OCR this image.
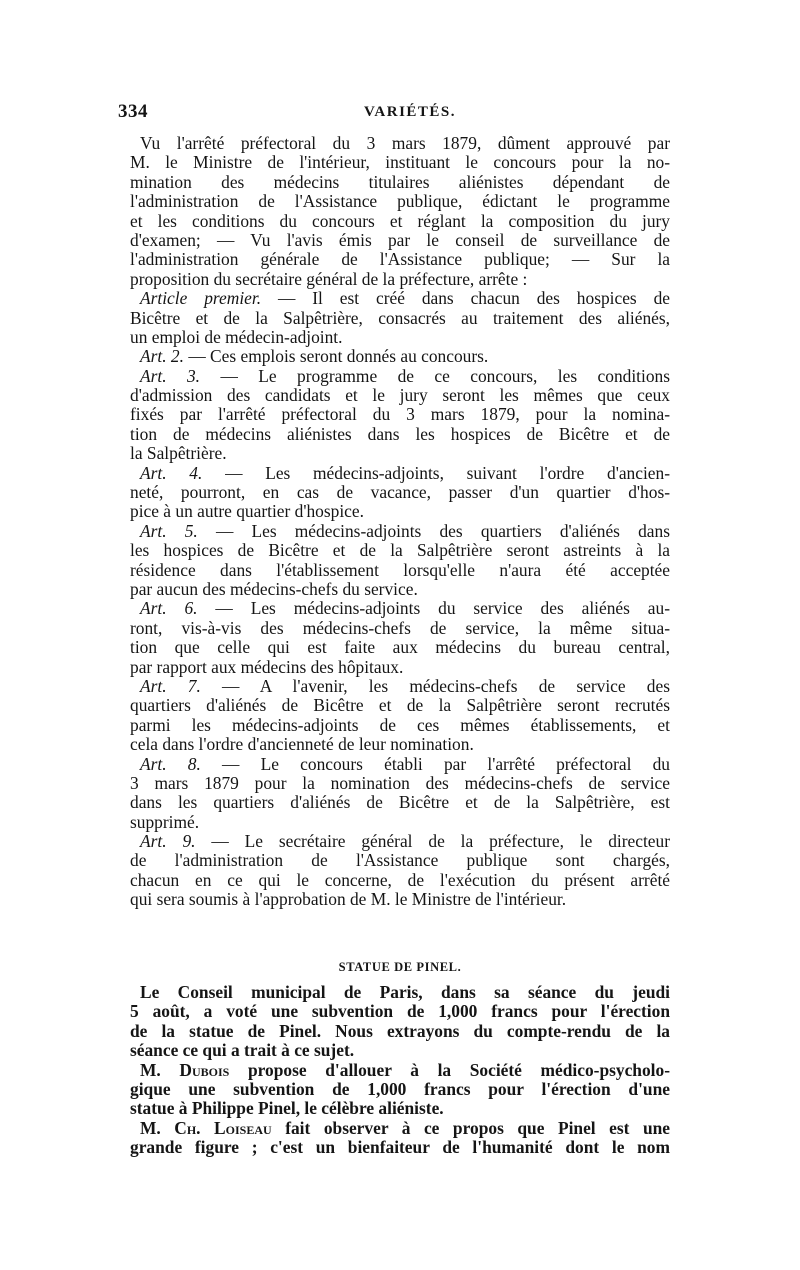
334	VARIÉTÉS.
Vu l'arrêté préfectoral du 3 mars 1879, dûment approuvé par
M. le Ministre de l'intérieur, instituant le concours pour la no-
mination des médecins titulaires aliénistes dépendant de
l'administration de l'Assistance publique, édictant le programme
et les conditions du concours et réglant la composition du jury
d'examen; — Vu l'avis émis par le conseil de surveillance de
l'administration générale de l'Assistance publique; — Sur la
proposition du secrétaire général de la préfecture, arrête :
Article premier. — Il est créé dans chacun des hospices de
Bicêtre et de la Salpêtrière, consacrés au traitement des aliénés,
un emploi de médecin-adjoint.
Art. 2. — Ces emplois seront donnés au concours.
Art. 3. — Le programme de ce concours, les conditions
d'admission des candidats et le jury seront les mêmes que ceux
fixés par l'arrêté préfectoral du 3 mars 1879, pour la nomina-
tion de médecins aliénistes dans les hospices de Bicêtre et de
la Salpêtrière.
Art. 4. — Les médecins-adjoints, suivant l'ordre d'ancien-
neté, pourront, en cas de vacance, passer d'un quartier d'hos-
pice à un autre quartier d'hospice.
Art. 5. — Les médecins-adjoints des quartiers d'aliénés dans
les hospices de Bicêtre et de la Salpêtrière seront astreints à la
résidence dans l'établissement lorsqu'elle n'aura été acceptée
par aucun des médecins-chefs du service.
Art. 6. — Les médecins-adjoints du service des aliénés au-
ront, vis-à-vis des médecins-chefs de service, la même situa-
tion que celle qui est faite aux médecins du bureau central,
par rapport aux médecins des hôpitaux.
Art. 7. — A l'avenir, les médecins-chefs de service des
quartiers d'aliénés de Bicêtre et de la Salpêtrière seront recrutés
parmi les médecins-adjoints de ces mêmes établissements, et
cela dans l'ordre d'ancienneté de leur nomination.
Art. 8. — Le concours établi par l'arrêté préfectoral du
3 mars 1879 pour la nomination des médecins-chefs de service
dans les quartiers d'aliénés de Bicêtre et de la Salpêtrière, est
supprimé.
Art. 9. — Le secrétaire général de la préfecture, le directeur
de l'administration de l'Assistance publique sont chargés,
chacun en ce qui le concerne, de l'exécution du présent arrêté
qui sera soumis à l'approbation de M. le Ministre de l'intérieur.
STATUE DE PINEL.
Le Conseil municipal de Paris, dans sa séance du jeudi
5 août, a voté une subvention de 1,000 francs pour l'érection
de la statue de Pinel. Nous extrayons du compte-rendu de la
séance ce qui a trait à ce sujet.
M. Dubois propose d'allouer à la Société médico-psycholo-
gique une subvention de 1,000 francs pour l'érection d'une
statue à Philippe Pinel, le célèbre aliéniste.
M. Ch. Loiseau fait observer à ce propos que Pinel est une
grande figure ; c'est un bienfaiteur de l'humanité dont le nom
